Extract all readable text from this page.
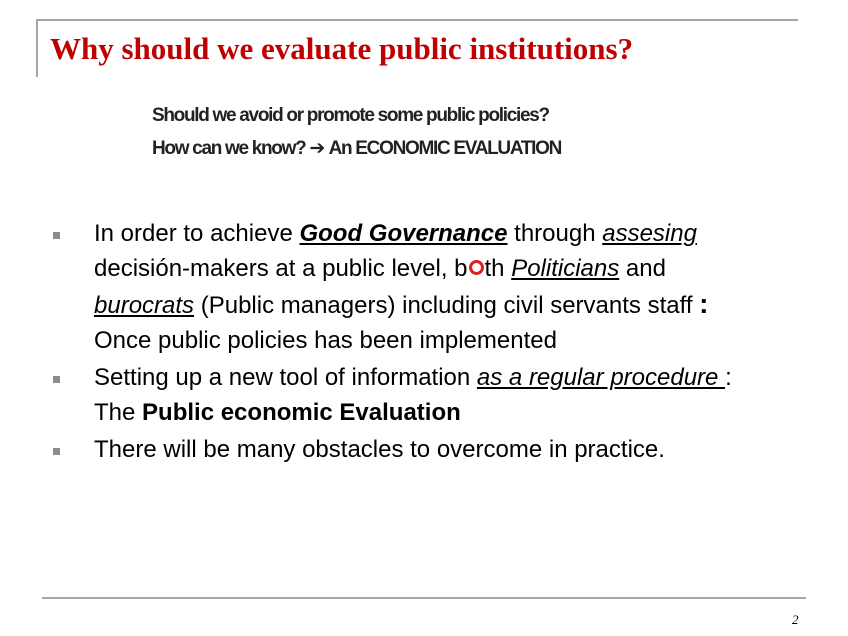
Why should we evaluate public institutions?
Should we avoid or promote some public policies?
How can we know? ➔ An ECONOMIC EVALUATION
In order to achieve Good Governance through assesing decisión-makers at a public level, b th Politicians and burocrats (Public managers) including civil servants staff : Once public policies has been implemented
Setting up a new tool of information as a regular procedure : The Public economic Evaluation
There will be many obstacles to overcome in practice.
2
